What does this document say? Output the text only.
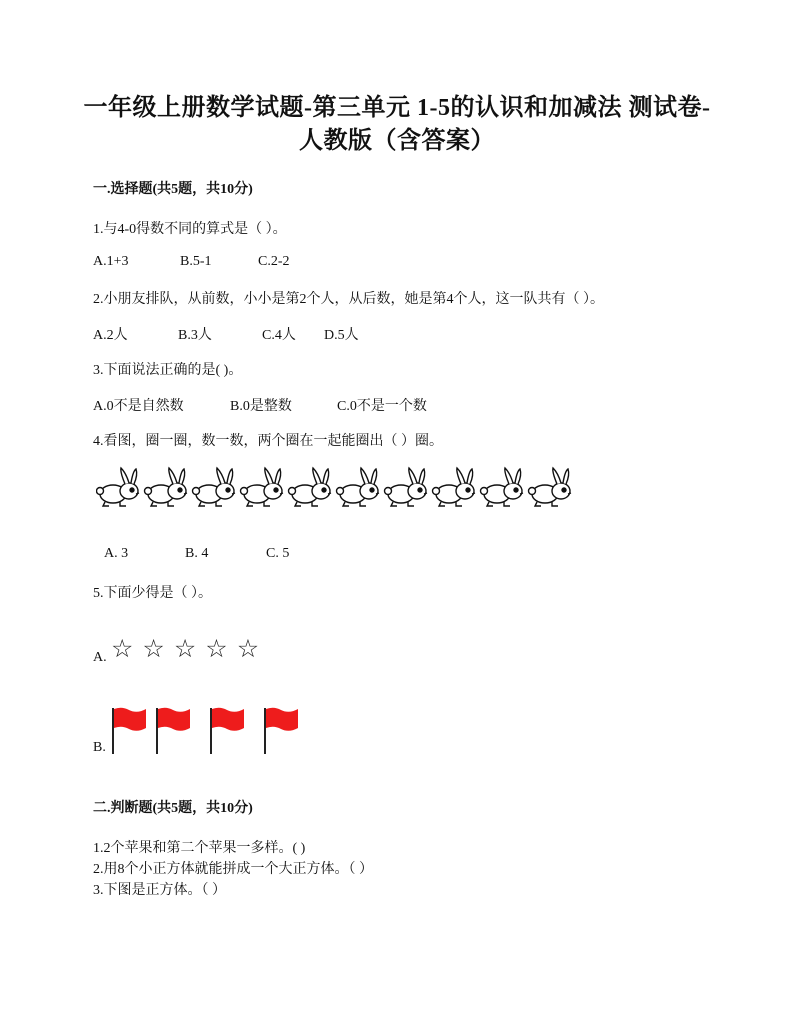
一年级上册数学试题-第三单元 1-5的认识和加减法 测试卷-
人教版（含答案）
一.选择题(共5题，共10分)
1.与4-0得数不同的算式是（ ）。
A.1+3	B.5-1	C.2-2
2.小朋友排队，从前数，小小是第2个人，从后数，她是第4个人，这一队共有（ ）。
A.2人	B.3人	C.4人 D.5人
3.下面说法正确的是( )。
A.0不是自然数	B.0是整数	C.0不是一个数
4.看图，圈一圈，数一数，两个圈在一起能圈出（ ）圈。
A. 3	B. 4	C. 5
5.下面少得是（ ）。
A. ☆ ☆ ☆ ☆ ☆
B.
二.判断题(共5题，共10分)
1.2个苹果和第二个苹果一多样。( )
2.用8个小正方体就能拼成一个大正方体。（ ）
3.下图是正方体。（ ）
